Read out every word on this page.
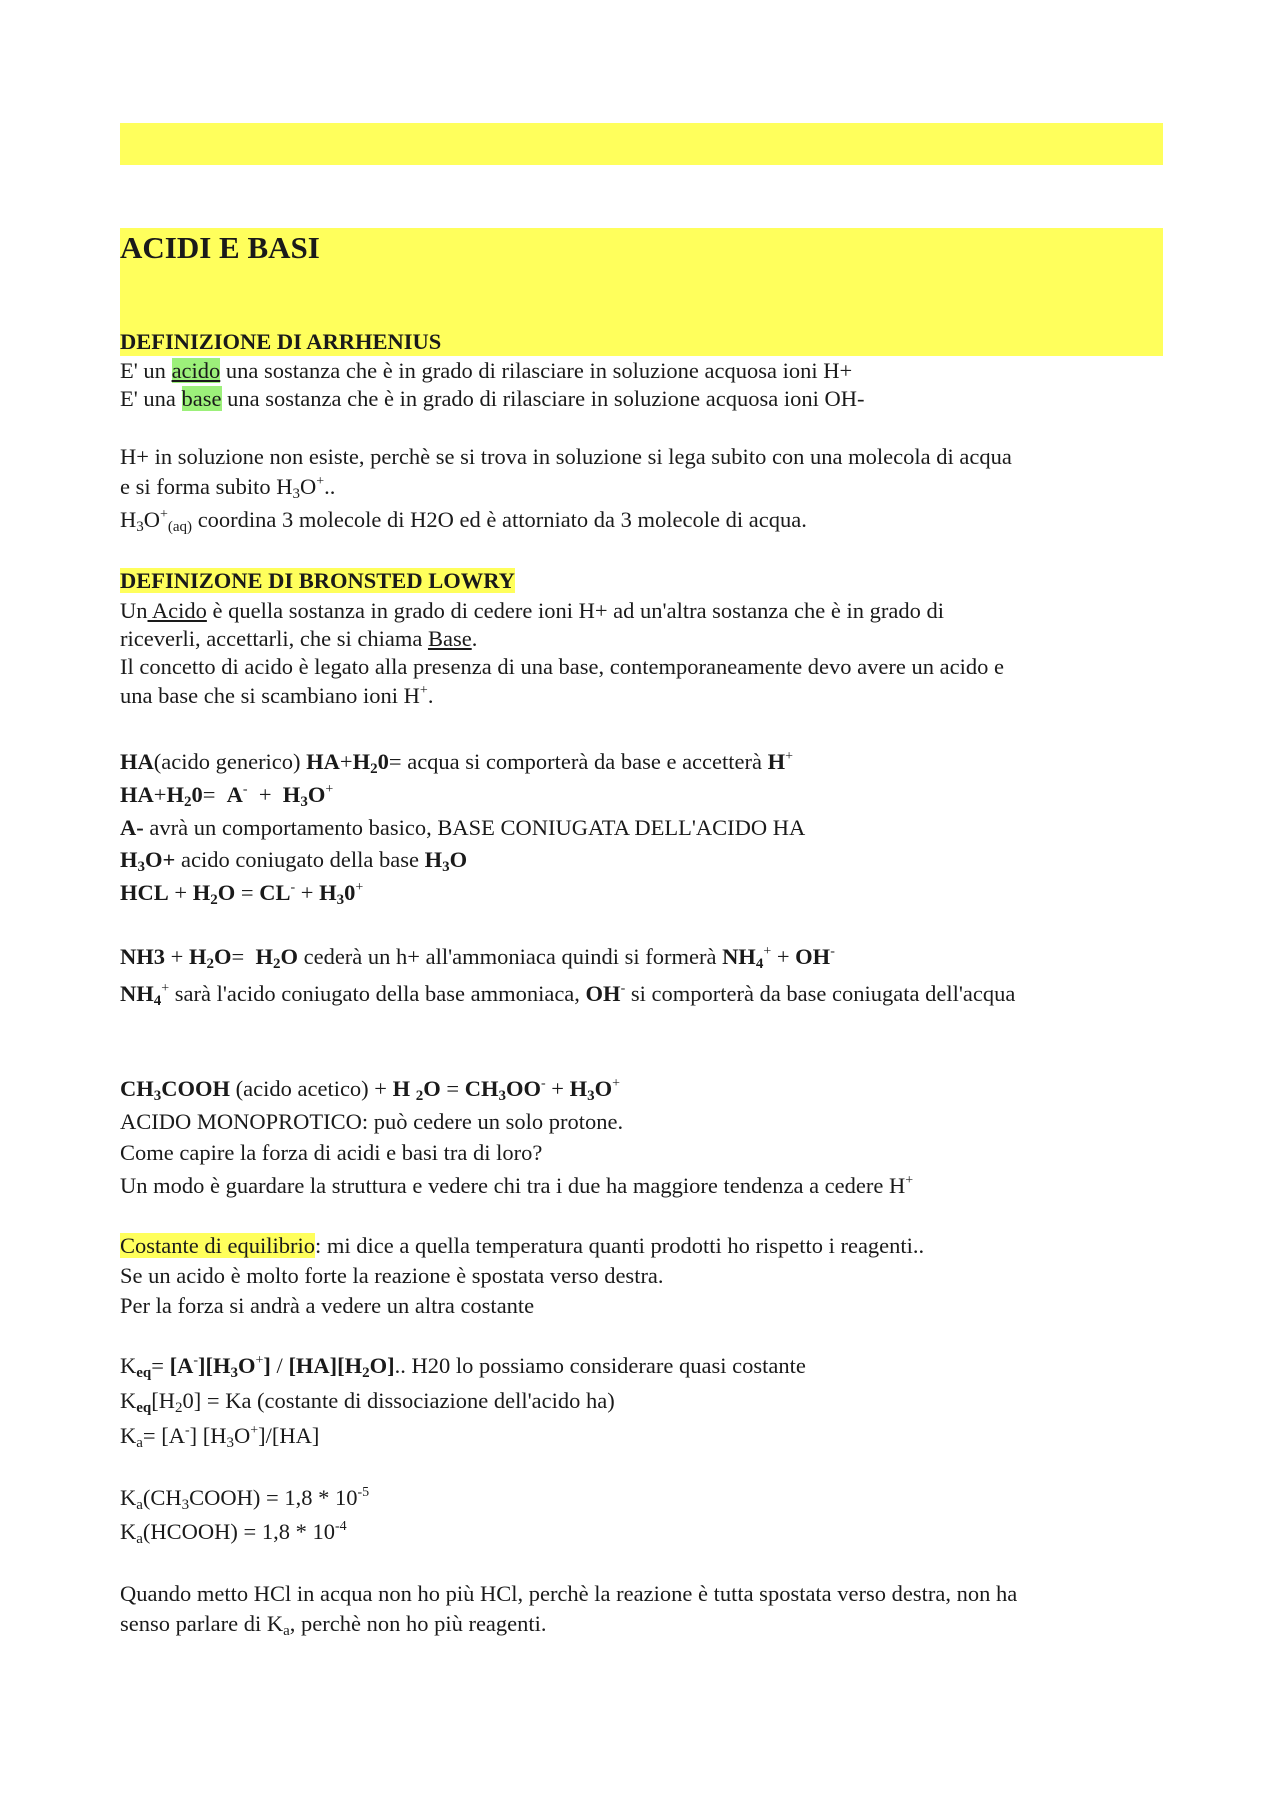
ACIDI E BASI
DEFINIZIONE DI ARRHENIUS
E' un acido una sostanza che è in grado di rilasciare in soluzione acquosa ioni H+
E' una base una sostanza che è in grado di rilasciare in soluzione acquosa ioni OH-
H+ in soluzione non esiste, perchè se si trova in soluzione si lega subito con una molecola di acqua
e si forma subito $H_3O^+$..
$H_3O^+_{(aq)}$ coordina 3 molecole di H2O ed è attorniato da 3 molecole di acqua.
DEFINIZONE DI BRONSTED LOWRY
Un Acido è quella sostanza in grado di cedere ioni H+ ad un'altra sostanza che è in grado di
riceverli, accettarli, che si chiama Base.
Il concetto di acido è legato alla presenza di una base, contemporaneamente devo avere un acido e
una base che si scambiano ioni H+.
HA(acido generico) $HA+H_20=$ acqua si comporterà da base e accetterà H+
$HA+H_20= A^- + H_3O^+$
A- avrà un comportamento basico, BASE CONIUGATA DELL'ACIDO HA
$H_3O+$ acido coniugato della base $H_3O$
HCL + $H_2O = CL^- + H_30^+$
$NH3 + H_2O= H_2O$ cederà un h+ all'ammoniaca quindi si formerà $NH_4^+ + OH^-$
$NH_4^+$ sarà l'acido coniugato della base ammoniaca, OH- si comporterà da base coniugata dell'acqua
$CH_3COOH$ (acido acetico) + H $_2O = CH_3OO^- + H_3O^+$
ACIDO MONOPROTICO: può cedere un solo protone.
Come capire la forza di acidi e basi tra di loro?
Un modo è guardare la struttura e vedere chi tra i due ha maggiore tendenza a cedere H+
Costante di equilibrio: mi dice a quella temperatura quanti prodotti ho rispetto i reagenti..
Se un acido è molto forte la reazione è spostata verso destra.
Per la forza si andrà a vedere un altra costante
$K_{eq}= [A^-][H_3O^+] / [HA][H_2O]$.. H20 lo possiamo considerare quasi costante
$K_{eq}[H_20] = Ka$ (costante di dissociazione dell'acido ha)
$K_a= [A^-]$ $[H_3O^+]/[HA]$
$K_a(CH_3COOH) = 1,8 * 10^{-5}$
$K_a(HCOOH) = 1,8 * 10^{-4}$
Quando metto HCl in acqua non ho più HCl, perchè la reazione è tutta spostata verso destra, non ha
senso parlare di $K_a$, perchè non ho più reagenti.
